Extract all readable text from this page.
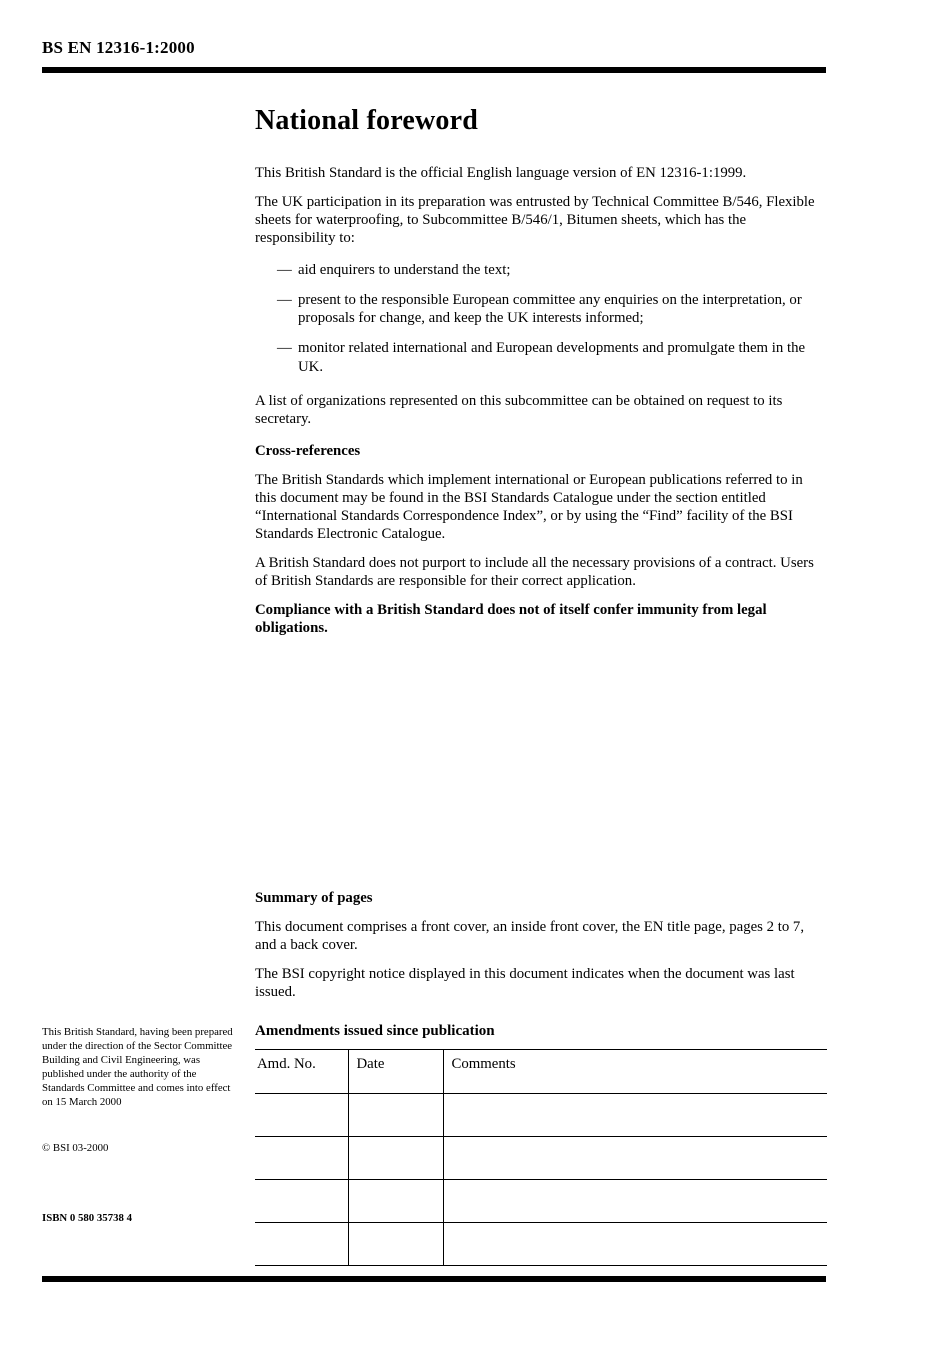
BS EN 12316-1:2000
National foreword

This British Standard is the official English language version of EN 12316-1:1999.

The UK participation in its preparation was entrusted by Technical Committee B/546, Flexible sheets for waterproofing, to Subcommittee B/546/1, Bitumen sheets, which has the responsibility to:

— aid enquirers to understand the text;
— present to the responsible European committee any enquiries on the interpretation, or proposals for change, and keep the UK interests informed;
— monitor related international and European developments and promulgate them in the UK.

A list of organizations represented on this subcommittee can be obtained on request to its secretary.

Cross-references

The British Standards which implement international or European publications referred to in this document may be found in the BSI Standards Catalogue under the section entitled “International Standards Correspondence Index”, or by using the “Find” facility of the BSI Standards Electronic Catalogue.

A British Standard does not purport to include all the necessary provisions of a contract. Users of British Standards are responsible for their correct application.

Compliance with a British Standard does not of itself confer immunity from legal obligations.

Summary of pages

This document comprises a front cover, an inside front cover, the EN title page, pages 2 to 7, and a back cover.

The BSI copyright notice displayed in this document indicates when the document was last issued.

This British Standard, having been prepared under the direction of the Sector Committee Building and Civil Engineering, was published under the authority of the Standards Committee and comes into effect on 15 March 2000
© BSI 03-2000
ISBN 0 580 35738 4
Amendments issued since publication
Amd. No.	Date	Comments
